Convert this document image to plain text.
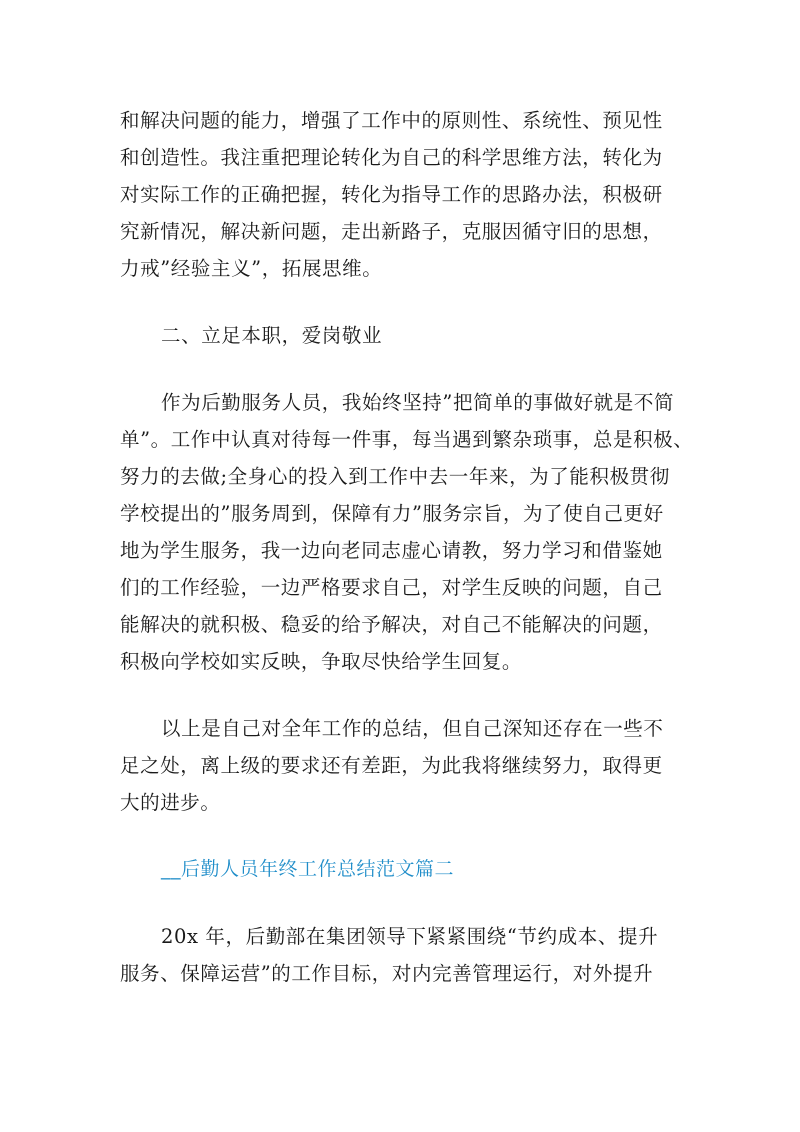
和解决问题的能力，增强了工作中的原则性、系统性、预见性
和创造性。我注重把理论转化为自己的科学思维方法，转化为
对实际工作的正确把握，转化为指导工作的思路办法，积极研
究新情况，解决新问题，走出新路子，克服因循守旧的思想，
力戒”经验主义”，拓展思维。
二、立足本职，爱岗敬业
作为后勤服务人员，我始终坚持”把简单的事做好就是不简
单”。工作中认真对待每一件事，每当遇到繁杂琐事，总是积极、
努力的去做;全身心的投入到工作中去一年来，为了能积极贯彻
学校提出的”服务周到，保障有力”服务宗旨，为了使自己更好
地为学生服务，我一边向老同志虚心请教，努力学习和借鉴她
们的工作经验，一边严格要求自己，对学生反映的问题，自己
能解决的就积极、稳妥的给予解决，对自己不能解决的问题，
积极向学校如实反映，争取尽快给学生回复。
以上是自己对全年工作的总结，但自己深知还存在一些不
足之处，离上级的要求还有差距，为此我将继续努力，取得更
大的进步。
__后勤人员年终工作总结范文篇二
20x 年，后勤部在集团领导下紧紧围绕“节约成本、提升
服务、保障运营”的工作目标，对内完善管理运行，对外提升
